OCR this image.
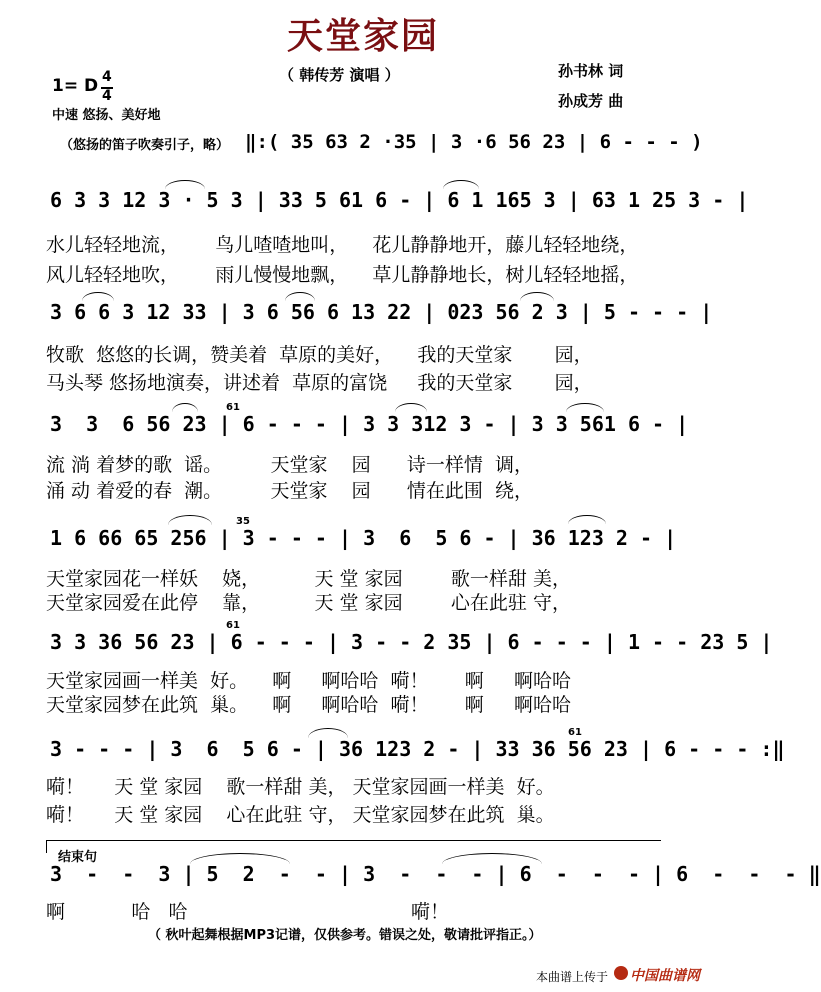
天堂家园
（ 韩传芳 演唱 ）	孙书林 词
孙成芳 曲
1= D 4
4
中速 悠扬、美好地
（悠扬的笛子吹奏引子，略） ‖:( 35 63 2 ·35 | 3 ·6 56 23 | 6 - - - )
6 3 3 12 3 · 5 3 | 33 5 61 6 - | 6 1 165 3 | 63 1 25 3 - |
水儿轻轻地流，      鸟儿喳喳地叫，    花儿静静地开，藤儿轻轻地绕，
风儿轻轻地吹，      雨儿慢慢地飘，    草儿静静地长，树儿轻轻地摇，
3 6 6 3 12 33 | 3 6 56 6 13 22 | 023 56 2 3 | 5 - - - |
牧歌  悠悠的长调，赞美着  草原的美好，    我的天堂家       园，
马头琴 悠扬地演奏，讲述着  草原的富饶     我的天堂家       园，
3  3  6 56 23 | 6 - - - | 3 3 312 3 - | 3 3 561 6 - |
61
流 淌 着梦的歌  谣。        天堂家    园      诗一样情  调，
涌 动 着爱的春  潮。        天堂家    园      情在此围  绕，
1 6 66 65 256 | 3 - - - | 3  6  5 6 - | 36 123 2 - |
35
天堂家园花一样妖    娆，         天 堂 家园        歌一样甜 美，
天堂家园爱在此停    靠，         天 堂 家园        心在此驻 守，
3 3 36 56 23 | 6 - - - | 3 - - 2 35 | 6 - - - | 1 - - 23 5 |
61
天堂家园画一样美  好。    啊     啊哈哈  嗬！      啊     啊哈哈
天堂家园梦在此筑  巢。    啊     啊哈哈  嗬！      啊     啊哈哈
3 - - - | 3  6  5 6 - | 36 123 2 - | 33 36 56 23 | 6 - - - :‖
61
嗬！     天 堂 家园    歌一样甜 美， 天堂家园画一样美  好。
嗬！     天 堂 家园    心在此驻 守， 天堂家园梦在此筑  巢。
结束句
3  -  -  3 | 5  2  -  - | 3  -  -  - | 6  -  -  - | 6  -  -  - ‖
啊           哈   哈                                     嗬！
（ 秋叶起舞根据MP3记谱，仅供参考。错误之处，敬请批评指正。）
本曲谱上传于 中国曲谱网
